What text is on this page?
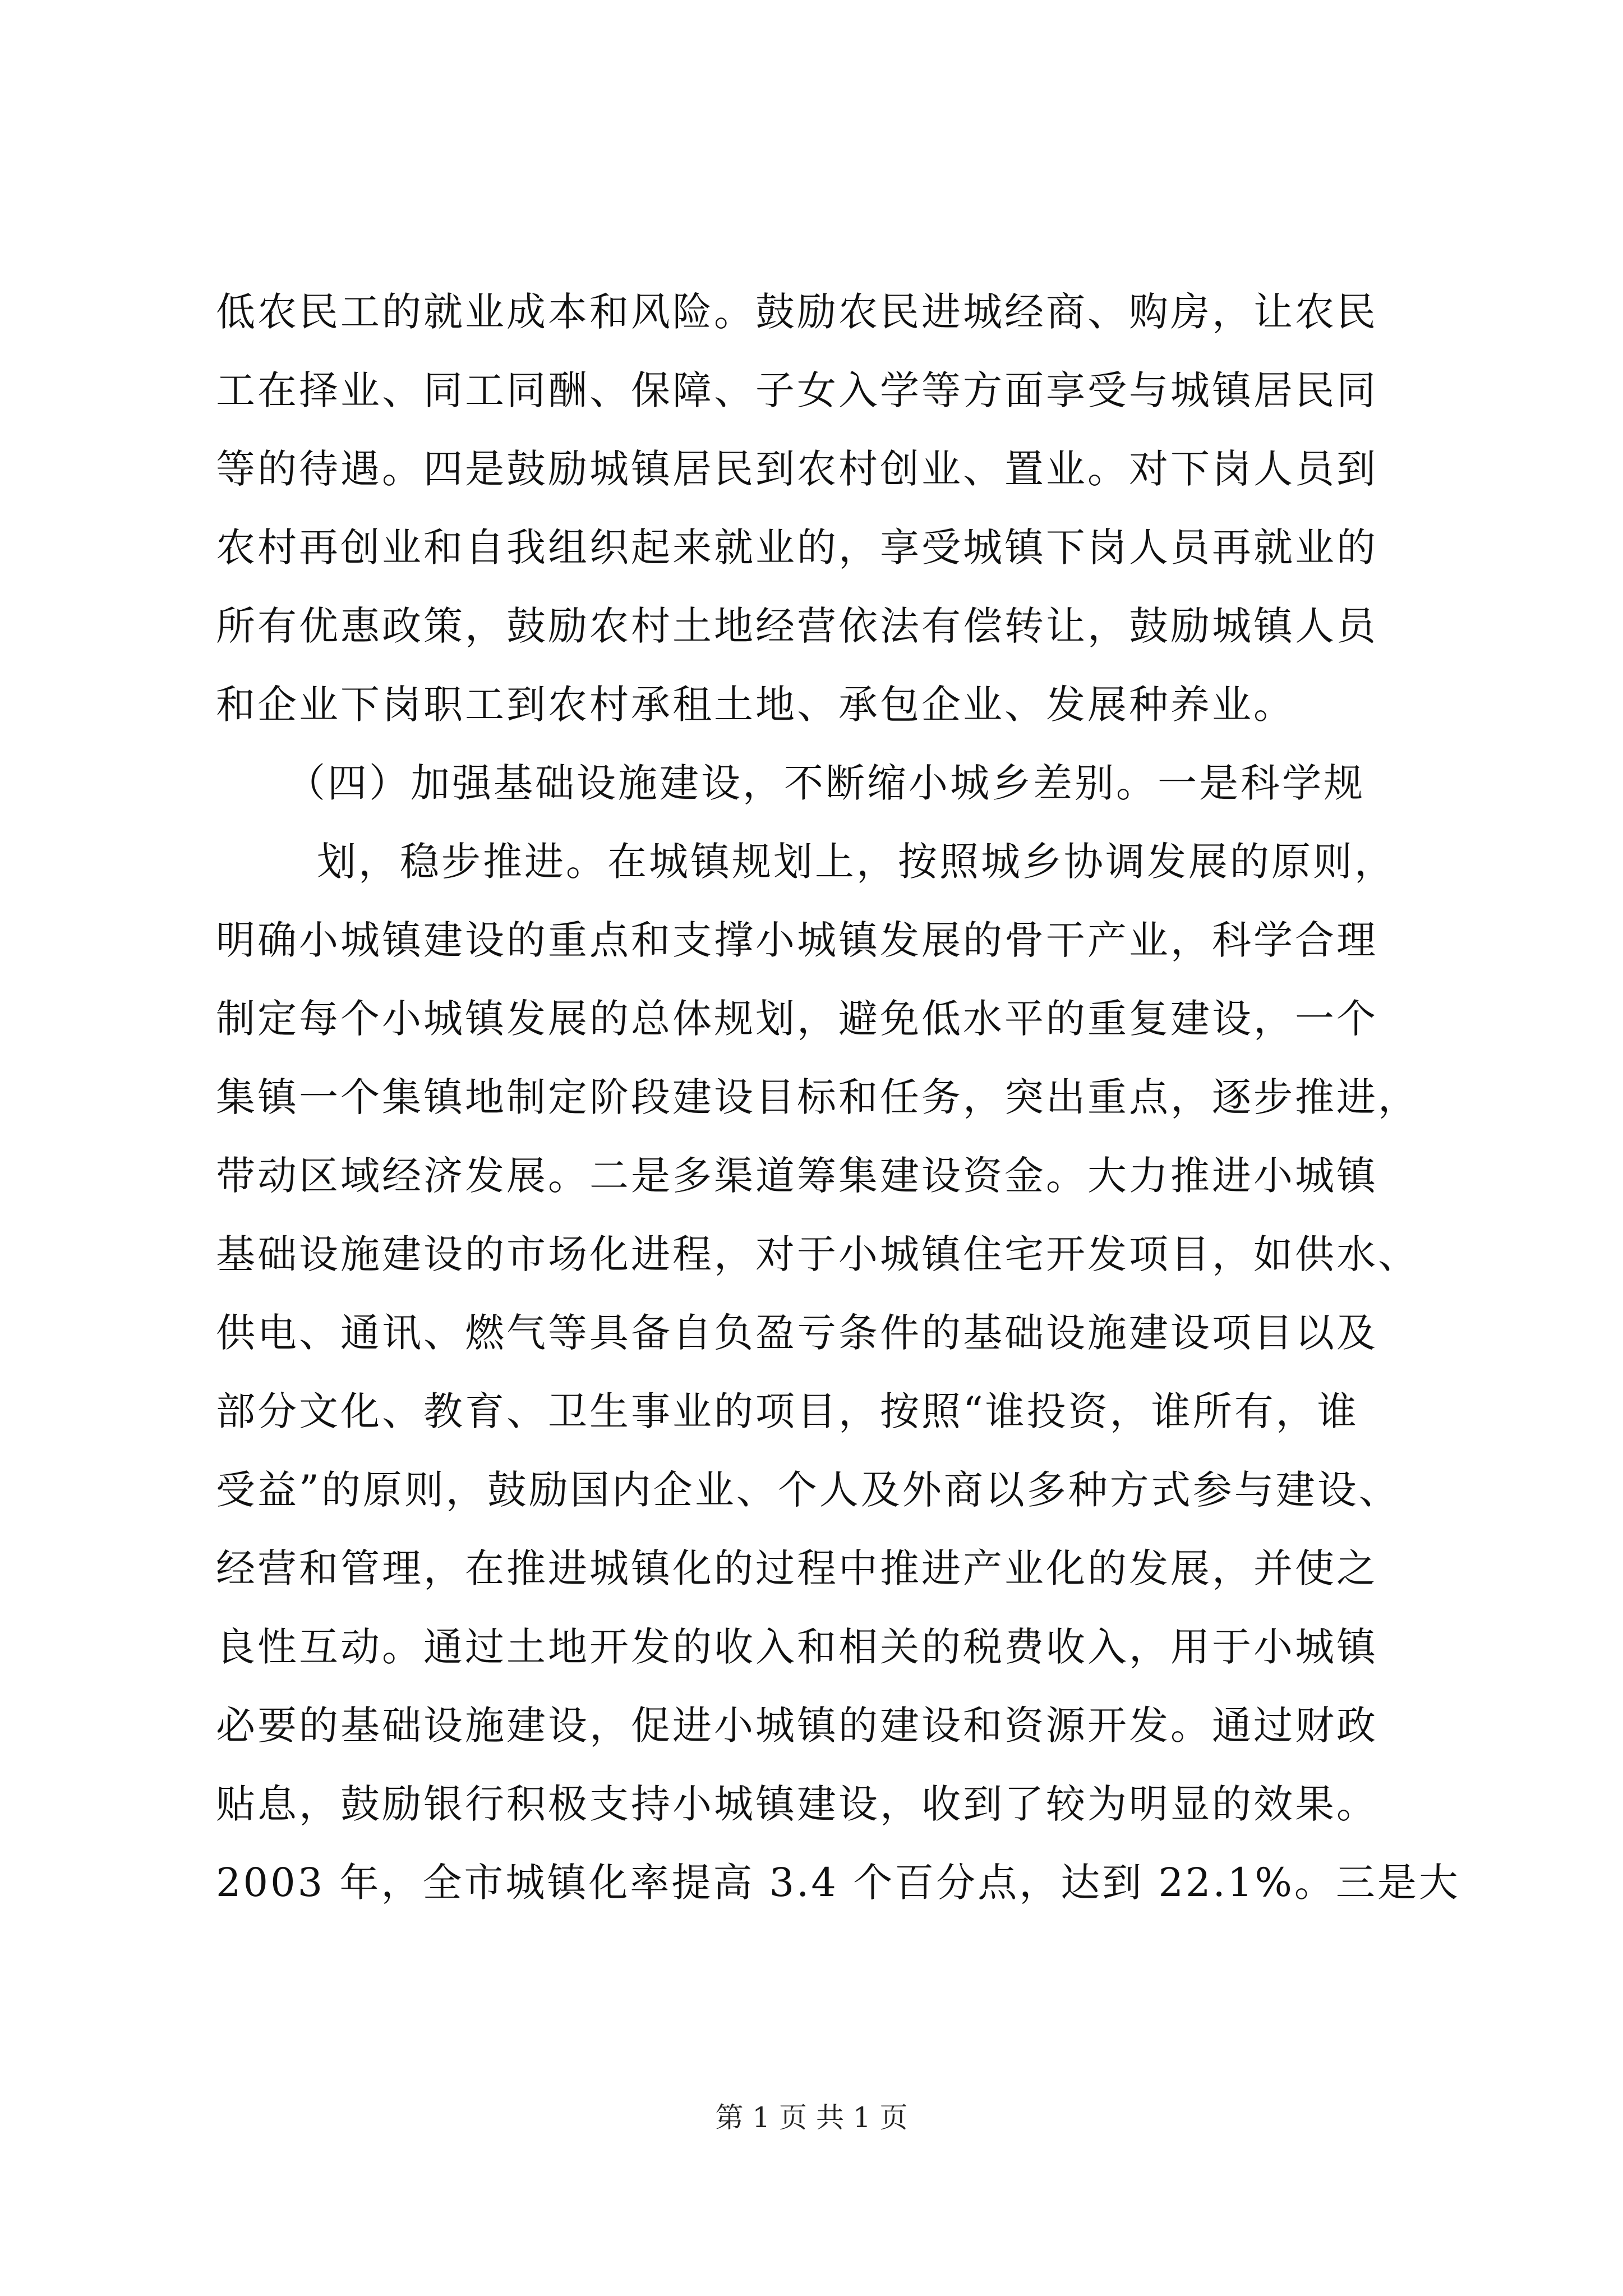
低农民工的就业成本和风险。鼓励农民进城经商、购房，让农民
工在择业、同工同酬、保障、子女入学等方面享受与城镇居民同
等的待遇。四是鼓励城镇居民到农村创业、置业。对下岗人员到
农村再创业和自我组织起来就业的，享受城镇下岗人员再就业的
所有优惠政策，鼓励农村土地经营依法有偿转让，鼓励城镇人员
和企业下岗职工到农村承租土地、承包企业、发展种养业。
（四）加强基础设施建设，不断缩小城乡差别。一是科学规
划，稳步推进。在城镇规划上，按照城乡协调发展的原则，
明确小城镇建设的重点和支撑小城镇发展的骨干产业，科学合理
制定每个小城镇发展的总体规划，避免低水平的重复建设，一个
集镇一个集镇地制定阶段建设目标和任务，突出重点，逐步推进，
带动区域经济发展。二是多渠道筹集建设资金。大力推进小城镇
基础设施建设的市场化进程，对于小城镇住宅开发项目，如供水、
供电、通讯、燃气等具备自负盈亏条件的基础设施建设项目以及
部分文化、教育、卫生事业的项目，按照“谁投资，谁所有，谁
受益”的原则，鼓励国内企业、个人及外商以多种方式参与建设、
经营和管理，在推进城镇化的过程中推进产业化的发展，并使之
良性互动。通过土地开发的收入和相关的税费收入，用于小城镇
必要的基础设施建设，促进小城镇的建设和资源开发。通过财政
贴息，鼓励银行积极支持小城镇建设，收到了较为明显的效果。
2003 年，全市城镇化率提高 3.4 个百分点，达到 22.1%。三是大
第 1 页 共 1 页
